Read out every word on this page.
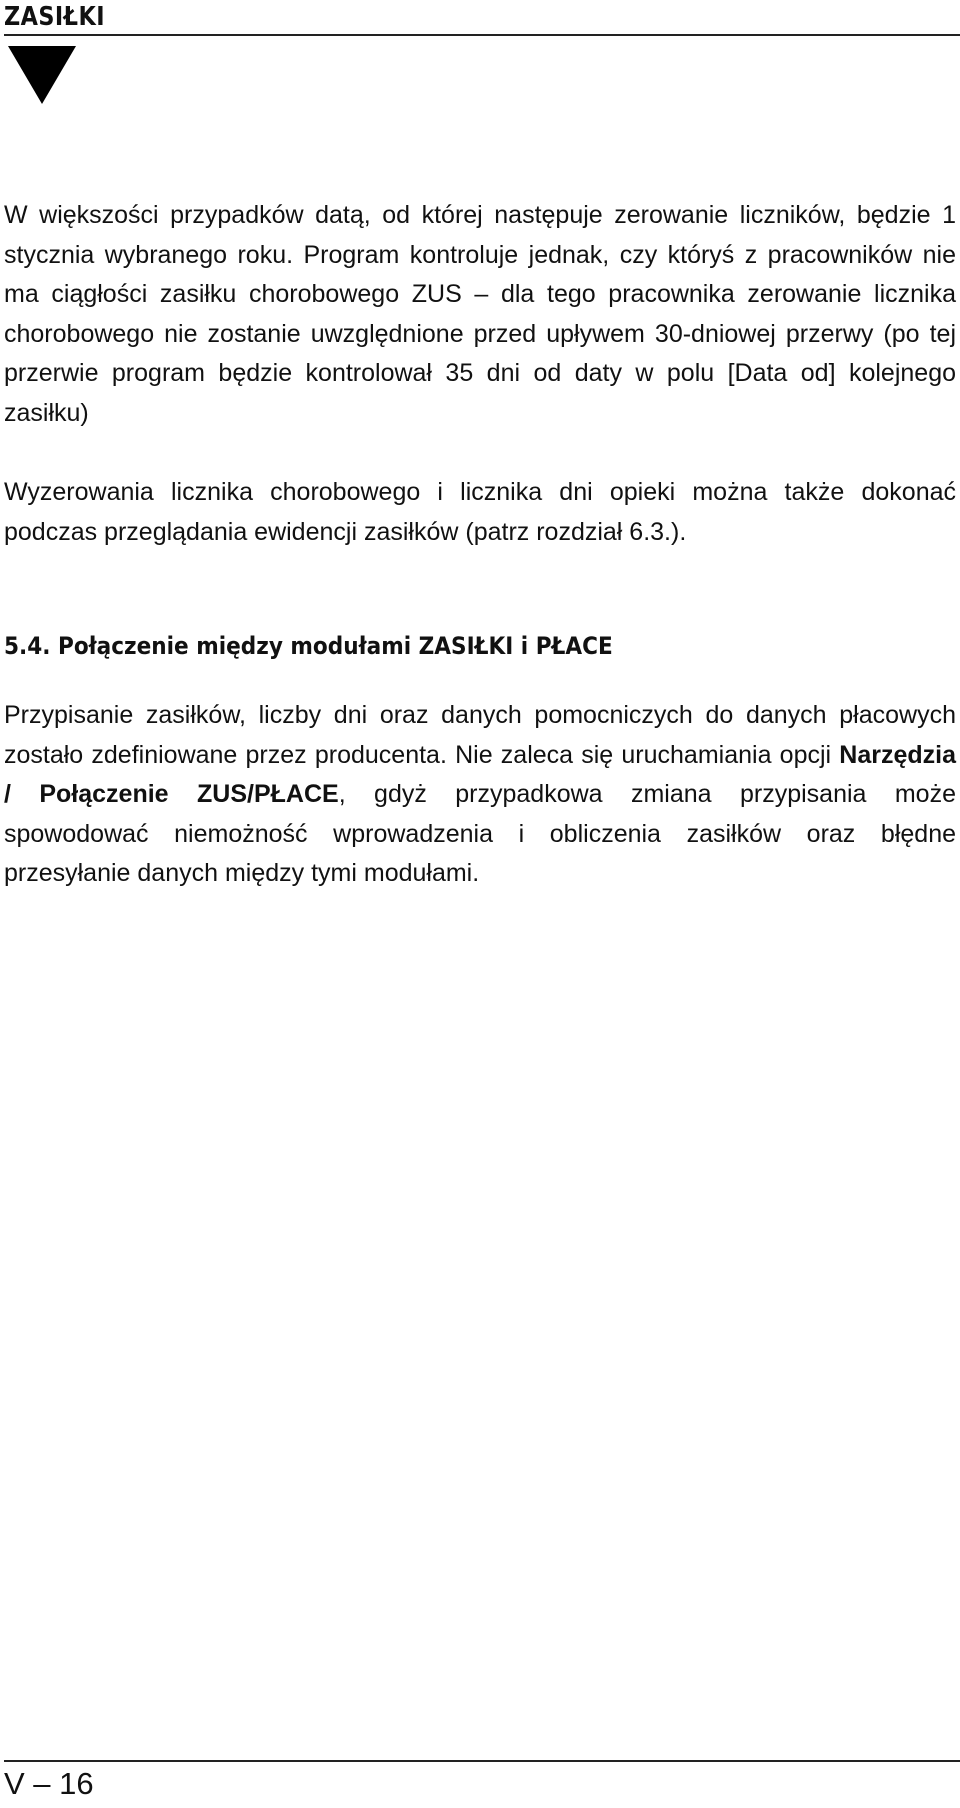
ZASIŁKI

W większości przypadków datą, od której następuje zerowanie liczników, będzie 1 stycznia wybranego roku. Program kontroluje jednak, czy któryś z pracowników nie ma ciągłości zasiłku chorobowego ZUS – dla tego pracownika zerowanie licznika chorobowego nie zostanie uwzględnione przed upływem 30-dniowej przerwy (po tej przerwie program będzie kontrolował 35 dni od daty w polu [Data od] kolejnego zasiłku)

Wyzerowania licznika chorobowego i licznika dni opieki można także dokonać podczas przeglądania ewidencji zasiłków (patrz rozdział 6.3.).

5.4. Połączenie między modułami ZASIŁKI i PŁACE

Przypisanie zasiłków, liczby dni oraz danych pomocniczych do danych płacowych zostało zdefiniowane przez producenta. Nie zaleca się uruchamiania opcji Narzędzia / Połączenie ZUS/PŁACE, gdyż przypadkowa zmiana przypisania może spowodować niemożność wprowadzenia i obliczenia zasiłków oraz błędne przesyłanie danych między tymi modułami.

V – 16
